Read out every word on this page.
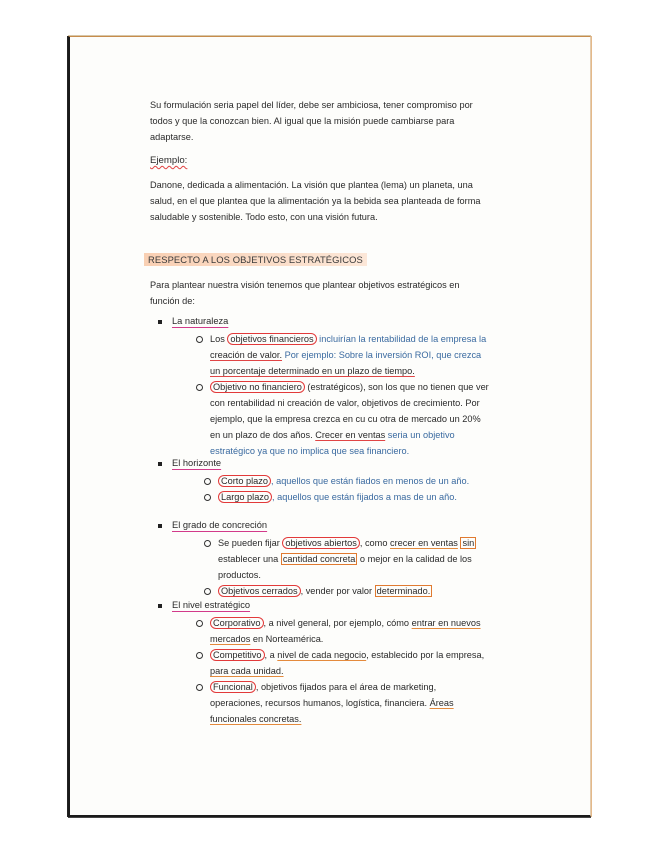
Su formulación seria papel del líder, debe ser ambiciosa, tener compromiso por
todos y que la conozcan bien. Al igual que la misión puede cambiarse para
adaptarse.
Ejemplo:
Danone, dedicada a alimentación. La visión que plantea (lema) un planeta, una
salud, en el que plantea que la alimentación ya la bebida sea planteada de forma
saludable y sostenible. Todo esto, con una visión futura.
RESPECTO A LOS OBJETIVOS ESTRATÉGICOS
Para plantear nuestra visión tenemos que plantear objetivos estratégicos en
función de:
La naturaleza
Los objetivos financieros incluirían la rentabilidad de la empresa la
creación de valor. Por ejemplo: Sobre la inversión ROI, que crezca
un porcentaje determinado en un plazo de tiempo.
Objetivo no financiero (estratégicos), son los que no tienen que ver
con rentabilidad ni creación de valor, objetivos de crecimiento. Por
ejemplo, que la empresa crezca en cu cu otra de mercado un 20%
en un plazo de dos años. Crecer en ventas seria un objetivo
estratégico ya que no implica que sea financiero.
El horizonte
Corto plazo , aquellos que están fiados en menos de un año.
Largo plazo , aquellos que están fijados a mas de un año.
El grado de concreción
Se pueden fijar objetivos abiertos , como crecer en ventas sin
establecer una cantidad concreta o mejor en la calidad de los
productos.
Objetivos cerrados , vender por valor determinado.
El nivel estratégico
Corporativo , a nivel general, por ejemplo, cómo entrar en nuevos
mercados en Norteamérica.
Competitivo , a nivel de cada negocio, establecido por la empresa,
para cada unidad.
Funcional , objetivos fijados para el área de marketing,
operaciones, recursos humanos, logística, financiera. Áreas
funcionales concretas.
